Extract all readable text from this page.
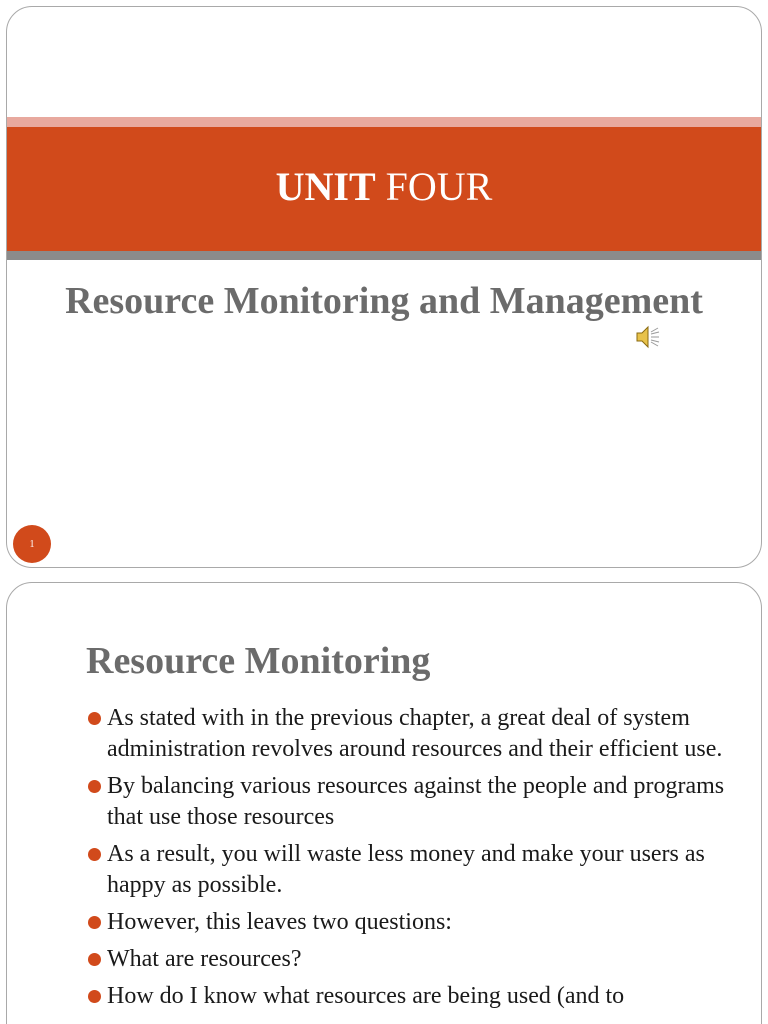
UNIT FOUR
Resource Monitoring and Management
1
Resource Monitoring
As stated with in the previous chapter, a great deal of system administration revolves around resources and their efficient use.
By balancing various resources against the people and programs that use those resources
As a result, you will waste less money and make your users as happy as possible.
However, this leaves two questions:
What are resources?
How do I know what resources are being used (and to
